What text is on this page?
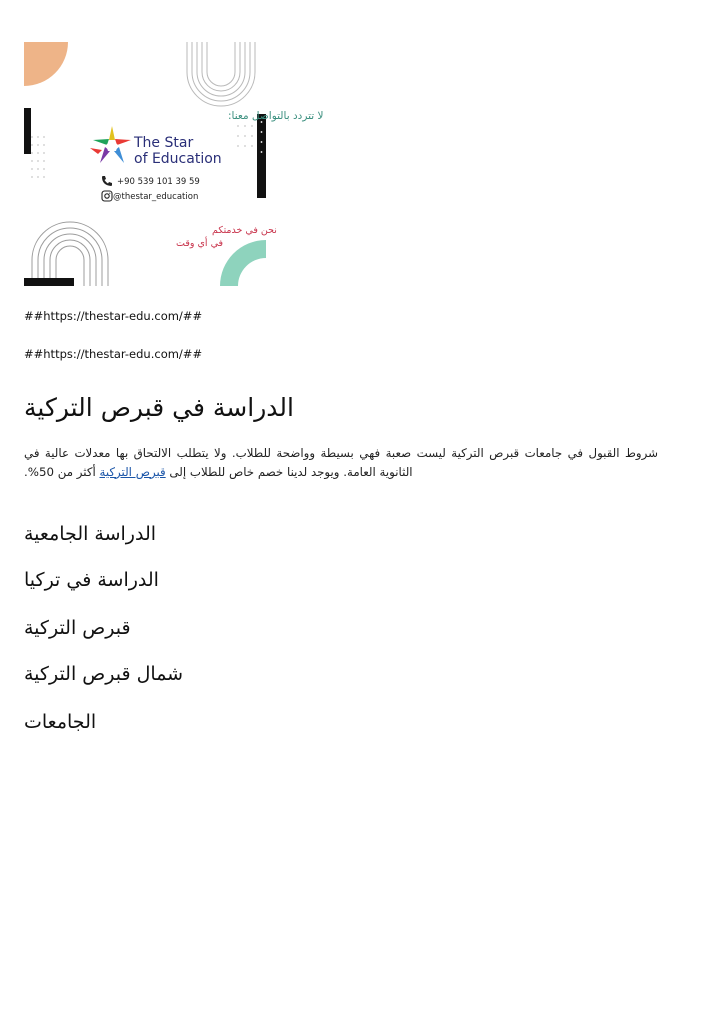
لا تتردد بالتواصل معنا:
The Star
of Education
+90 539 101 39 59
@thestar_education
نحن في خدمتكم
في أي وقت
##https://thestar-edu.com/##
##https://thestar-edu.com/##
الدراسة في قبرص التركية

شروط القبول في جامعات قبرص التركية ليست صعبة فهي بسيطة وواضحة للطلاب. ولا يتطلب الالتحاق بها معدلات عالية في الثانوية العامة. ويوجد لدينا خصم خاص للطلاب إلى قبرص التركية أكثر من 50%.

الدراسة الجامعية
الدراسة في تركيا
قبرص التركية
شمال قبرص التركية
الجامعات
